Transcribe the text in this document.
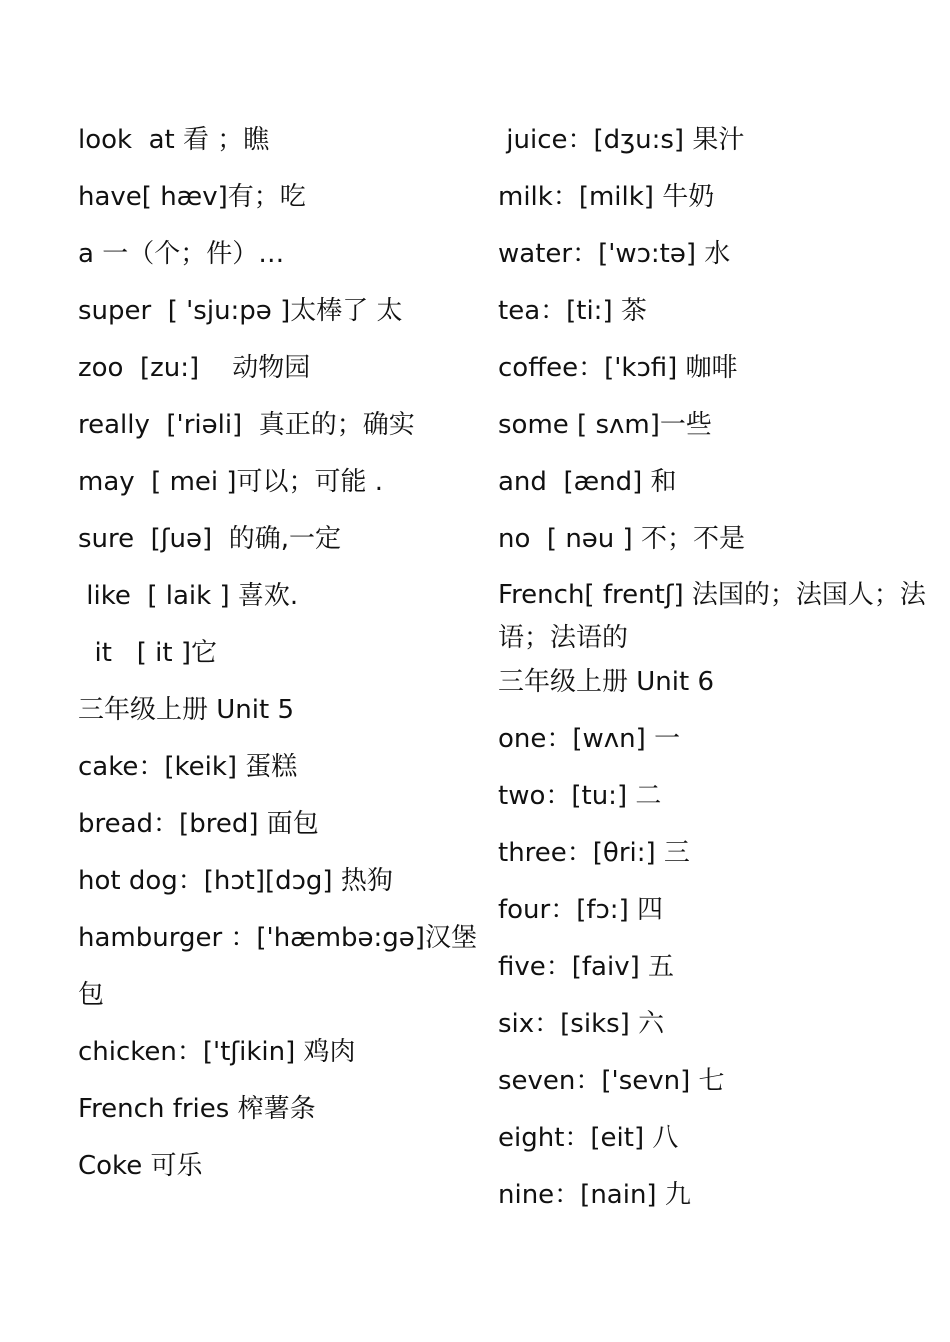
look  at 看 ；瞧
have[ hæv]有；吃
a 一（个；件）…
super  [ 'sju:pə ]太棒了 太
zoo  [zu:]    动物园
really  ['riəli]  真正的；确实
may  [ mei ]可以；可能 .
sure  [ʃuə]  的确,一定
like  [ laik ] 喜欢.
it   [ it ]它
三年级上册 Unit 5
cake：[keik] 蛋糕
bread：[bred] 面包
hot dog：[hɔt][dɔg] 热狗
hamburger ：['hæmbə:gə]汉堡包
chicken：['tʃikin] 鸡肉
French fries 榨薯条
Coke 可乐
juice：[dʒu:s] 果汁
milk：[milk] 牛奶
water：['wɔ:tə] 水
tea：[ti:] 茶
coffee：['kɔfi] 咖啡
some [ sʌm]一些
and  [ænd] 和
no  [ nəu ] 不；不是
French[ frentʃ] 法国的；法国人；法语；法语的
三年级上册 Unit 6
one：[wʌn] 一
two：[tu:] 二
three：[θri:] 三
four：[fɔ:] 四
five：[faiv] 五
six：[siks] 六
seven：['sevn] 七
eight：[eit] 八
nine：[nain] 九
